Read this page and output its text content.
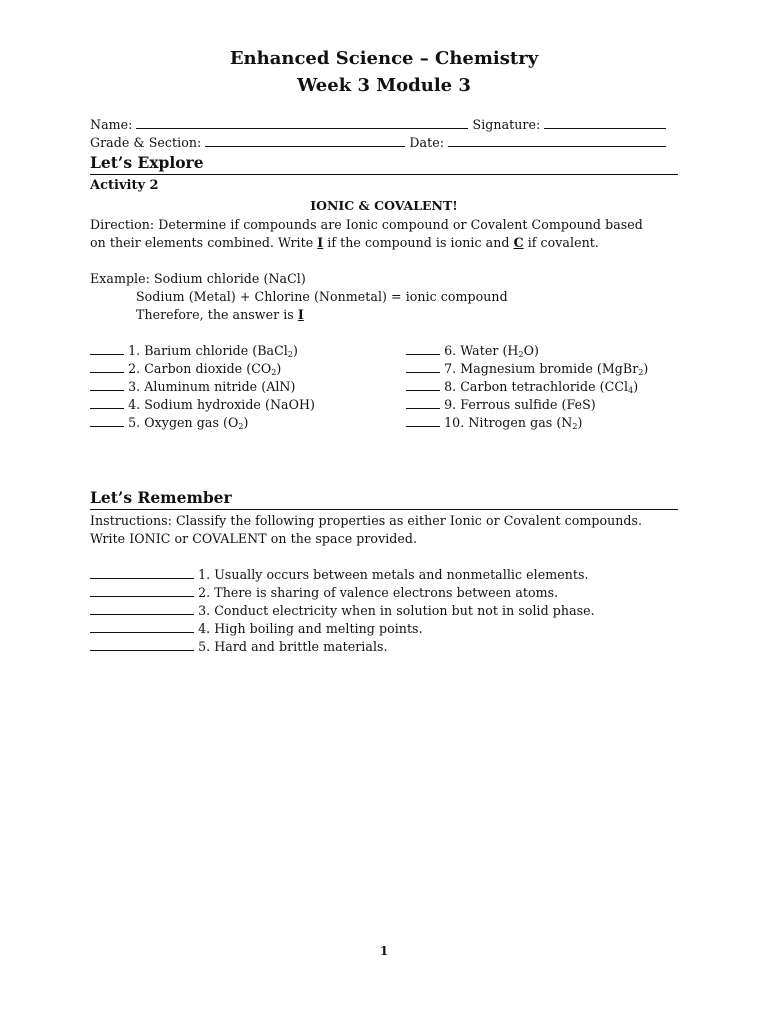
Enhanced Science – Chemistry
Week 3 Module 3
Name:	Signature:
Grade & Section:	Date:
Let’s Explore
Activity 2
IONIC & COVALENT!
Direction: Determine if compounds are Ionic compound or Covalent Compound based
on their elements combined. Write I if the compound is ionic and C if covalent.
Example: Sodium chloride (NaCl)
Sodium (Metal) + Chlorine (Nonmetal) = ionic compound
Therefore, the answer is I
1. Barium chloride (BaCl$_2$)
2. Carbon dioxide $(CO_2)$
3. Aluminum nitride (AlN)
4. Sodium hydroxide (NaOH)
5. Oxygen gas $(O_2)$
6. Water $(H_2O)$
7. Magnesium bromide (MgBr$_2$)
8. Carbon tetrachloride (CCl$_4$)
9. Ferrous sulfide (FeS)
10. Nitrogen gas $(N_2)$
Let’s Remember
Instructions: Classify the following properties as either Ionic or Covalent compounds.
Write IONIC or COVALENT on the space provided.
1. Usually occurs between metals and nonmetallic elements.
2. There is sharing of valence electrons between atoms.
3. Conduct electricity when in solution but not in solid phase.
4. High boiling and melting points.
5. Hard and brittle materials.
1
